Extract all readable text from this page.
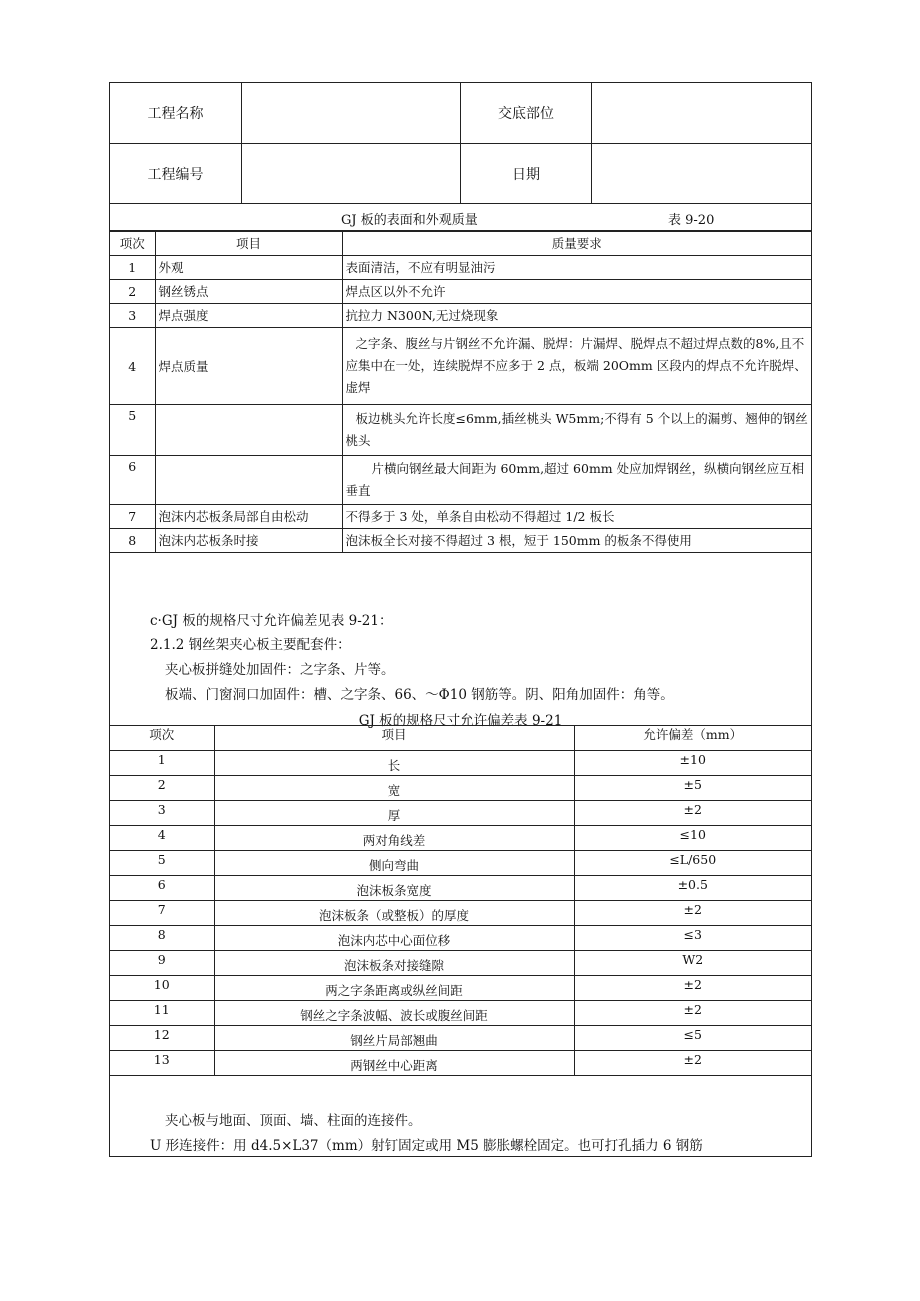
工程名称	交底部位
工程编号	日期
GJ 板的表面和外观质量	表 9-20
项次	项目	质量要求
1	外观	表面清洁，不应有明显油污
2	钢丝锈点	焊点区以外不允许
3	焊点强度	抗拉力 N300N,无过烧现象
4	焊点质量	之字条、腹丝与片钢丝不允许漏、脱焊：片漏焊、脱焊点不超过焊点数的8%,且不应集中在一处，连续脱焊不应多于 2 点，板端 20Omm 区段内的焊点不允许脱焊、虚焊
5		板边桃头允许长度≤6mm,插丝桃头 W5mm;不得有 5 个以上的漏剪、翘伸的钢丝桃头
6		片横向钢丝最大间距为 60mm,超过 60mm 处应加焊钢丝，纵横向钢丝应互相垂直
7	泡沫内芯板条局部自由松动	不得多于 3 处，单条自由松动不得超过 1/2 板长
8	泡沫内芯板条时接	泡沫板全长对接不得超过 3 根，短于 150mm 的板条不得使用
c·GJ 板的规格尺寸允许偏差见表 9-21：
2.1.2 钢丝架夹心板主要配套件：
夹心板拼缝处加固件：之字条、片等。
板端、门窗洞口加固件：槽、之字条、66、～Φ10 钢筋等。阴、阳角加固件：角等。
GJ 板的规格尺寸允许偏差表 9-21
项次	项目	允许偏差（mm）
1	长	±10
2	宽	±5
3	厚	±2
4	两对角线差	≤10
5	侧向弯曲	≤L/650
6	泡沫板条宽度	±0.5
7	泡沫板条（或整板）的厚度	±2
8	泡沫内芯中心面位移	≤3
9	泡沫板条对接缝隙	W2
10	两之字条距离或纵丝间距	±2
11	钢丝之字条波幅、波长或腹丝间距	±2
12	钢丝片局部翘曲	≤5
13	两钢丝中心距离	±2
夹心板与地面、顶面、墙、柱面的连接件。
U 形连接件：用 d4.5×L37（mm）射钉固定或用 M5 膨胀螺栓固定。也可打孔插力 6 钢筋
